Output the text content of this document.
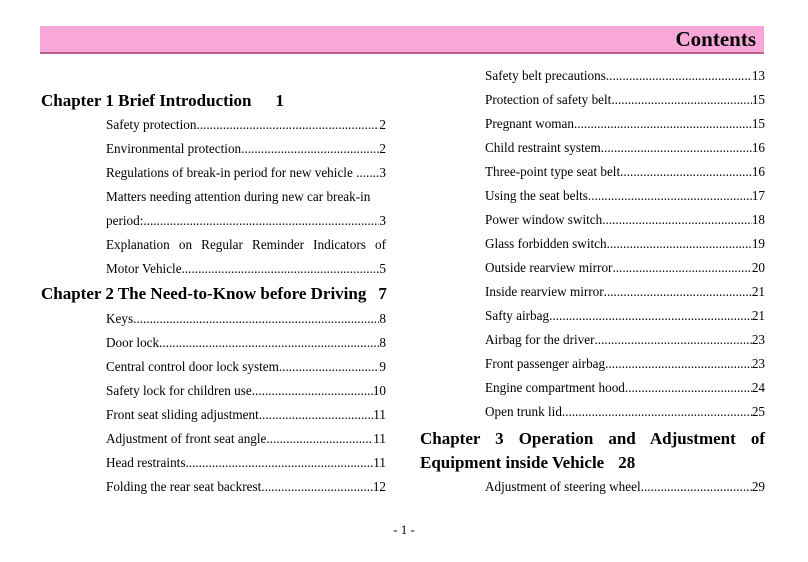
Contents
Chapter 1 Brief Introduction 1
Safety protection .....	2
Environmental protection .....	2
Regulations of break-in period for new vehicle .. ..... 3
Matters needing attention during new car break-in
period: .....	3
Explanation on Regular Reminder Indicators of
Motor Vehicle .....	5
Chapter 2 The Need-to-Know before Driving 7
Keys .....	8
Door lock .....	8
Central control door lock system .....	9
Safety lock for children use .....	10
Front seat sliding adjustment .....	11
Adjustment of front seat angle .....	11
Head restraints .....	11
Folding the rear seat backrest .....	12
Safety belt precautions .....	13
Protection of safety belt .....	15
Pregnant woman .....	15
Child restraint system .....	16
Three-point type seat belt .....	16
Using the seat belts .....	17
Power window switch .....	18
Glass forbidden switch .....	19
Outside rearview mirror .....	20
Inside rearview mirror .....	21
Safty airbag .....	21
Airbag for the driver .....	23
Front passenger airbag .....	23
Engine compartment hood .....	24
Open trunk lid .....	25
Chapter 3 Operation and Adjustment of
Equipment inside Vehicle 28
Adjustment of steering wheel .....	29
- 1 -
